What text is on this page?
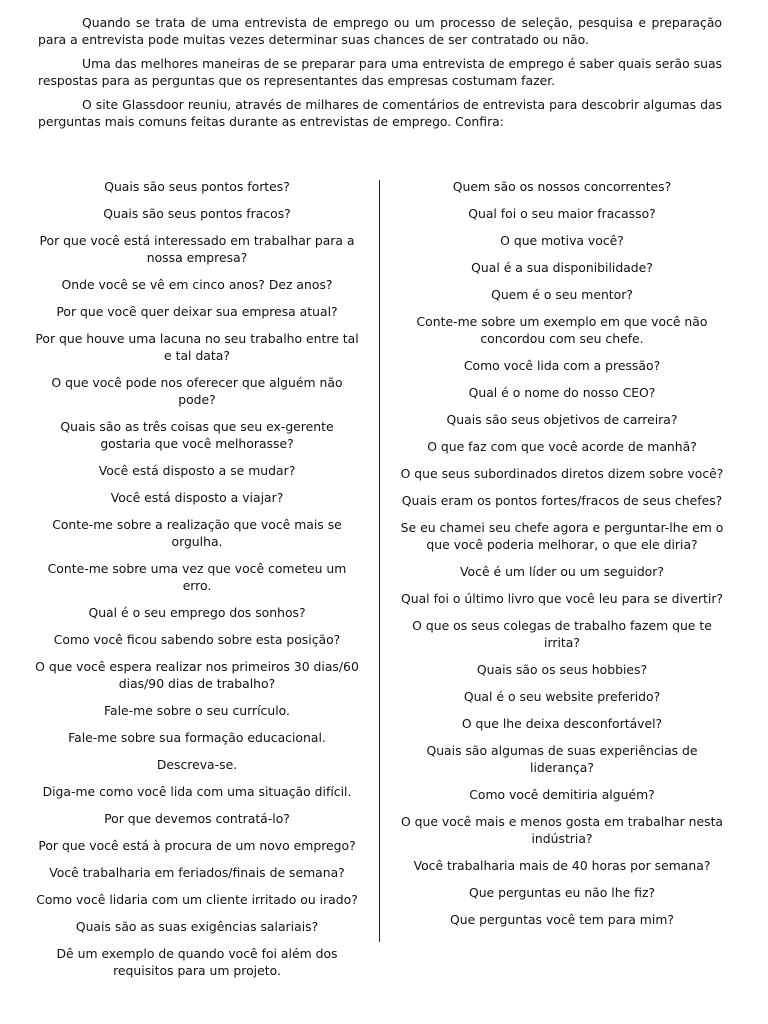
Quando se trata de uma entrevista de emprego ou um processo de seleção, pesquisa e preparação para a entrevista pode muitas vezes determinar suas chances de ser contratado ou não.

Uma das melhores maneiras de se preparar para uma entrevista de emprego é saber quais serão suas respostas para as perguntas que os representantes das empresas costumam fazer.

O site Glassdoor reuniu, através de milhares de comentários de entrevista para descobrir algumas das perguntas mais comuns feitas durante as entrevistas de emprego. Confira:

Quais são seus pontos fortes?
Quais são seus pontos fracos?
Por que você está interessado em trabalhar para a nossa empresa?
Onde você se vê em cinco anos? Dez anos?
Por que você quer deixar sua empresa atual?
Por que houve uma lacuna no seu trabalho entre tal e tal data?
O que você pode nos oferecer que alguém não pode?
Quais são as três coisas que seu ex-gerente gostaria que você melhorasse?
Você está disposto a se mudar?
Você está disposto a viajar?
Conte-me sobre a realização que você mais se orgulha.
Conte-me sobre uma vez que você cometeu um erro.
Qual é o seu emprego dos sonhos?
Como você ficou sabendo sobre esta posição?
O que você espera realizar nos primeiros 30 dias/60 dias/90 dias de trabalho?
Fale-me sobre o seu currículo.
Fale-me sobre sua formação educacional.
Descreva-se.
Diga-me como você lida com uma situação difícil.
Por que devemos contratá-lo?
Por que você está à procura de um novo emprego?
Você trabalharia em feriados/finais de semana?
Como você lidaria com um cliente irritado ou irado?
Quais são as suas exigências salariais?
Dê um exemplo de quando você foi além dos requisitos para um projeto.
Quem são os nossos concorrentes?
Qual foi o seu maior fracasso?
O que motiva você?
Qual é a sua disponibilidade?
Quem é o seu mentor?
Conte-me sobre um exemplo em que você não concordou com seu chefe.
Como você lida com a pressão?
Qual é o nome do nosso CEO?
Quais são seus objetivos de carreira?
O que faz com que você acorde de manhã?
O que seus subordinados diretos dizem sobre você?
Quais eram os pontos fortes/fracos de seus chefes?
Se eu chamei seu chefe agora e perguntar-lhe em o que você poderia melhorar, o que ele diria?
Você é um líder ou um seguidor?
Qual foi o último livro que você leu para se divertir?
O que os seus colegas de trabalho fazem que te irrita?
Quais são os seus hobbies?
Qual é o seu website preferido?
O que lhe deixa desconfortável?
Quais são algumas de suas experiências de liderança?
Como você demitiria alguém?
O que você mais e menos gosta em trabalhar nesta indústria?
Você trabalharia mais de 40 horas por semana?
Que perguntas eu não lhe fiz?
Que perguntas você tem para mim?
